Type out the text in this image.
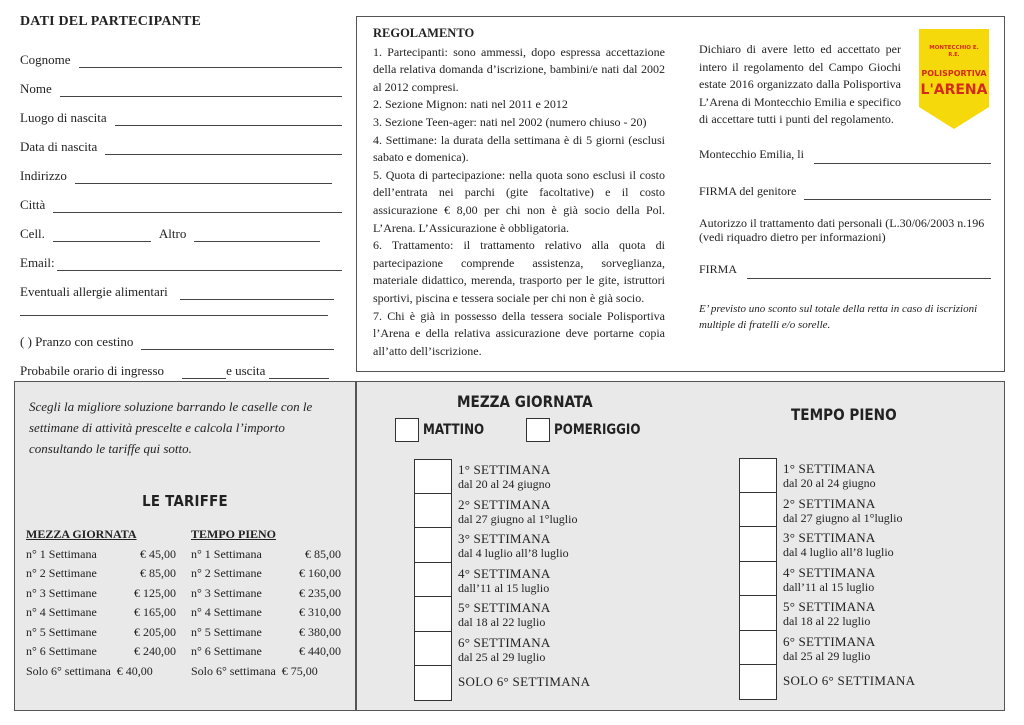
DATI DEL PARTECIPANTE
Cognome
Nome
Luogo di nascita
Data di nascita
Indirizzo
Città
Cell.	Altro
Email:
Eventuali allergie alimentari
( ) Pranzo con cestino
Probabile orario di ingresso	e uscita
REGOLAMENTO
1. Partecipanti: sono ammessi, dopo espressa accettazione della relativa domanda d’iscrizione, bambini/e nati dal 2002 al 2012 compresi.
2. Sezione Mignon: nati nel 2011 e 2012
3. Sezione Teen-ager: nati nel 2002 (numero chiuso - 20)
4. Settimane: la durata della settimana è di 5 giorni (esclusi sabato e domenica).
5. Quota di partecipazione: nella quota sono esclusi il costo dell’entrata nei parchi (gite facoltative) e il costo assicurazione € 8,00 per chi non è già socio della Pol. L’Arena. L’Assicurazione è obbligatoria.
6. Trattamento: il trattamento relativo alla quota di partecipazione comprende assistenza, sorveglianza, materiale didattico, merenda, trasporto per le gite, istruttori sportivi, piscina e tessera sociale per chi non è già socio.
7. Chi è già in possesso della tessera sociale Polisportiva l’Arena e della relativa assicurazione deve portarne copia all’atto dell’iscrizione.
Dichiaro di avere letto ed accettato per intero il regolamento del Campo Giochi estate 2016 organizzato dalla Polisportiva L’Arena di Montecchio Emilia e specifico di accettare tutti i punti del regolamento.
Montecchio Emilia, li
FIRMA del genitore
Autorizzo il trattamento dati personali (L.30/06/2003 n.196 (vedi riquadro dietro per informazioni)
FIRMA
E’ previsto uno sconto sul totale della retta in caso di iscrizioni multiple di fratelli e/o sorelle.
MONTECCHIO E.
R.E.
POLISPORTIVA
L'ARENA
Scegli la migliore soluzione barrando le caselle con le settimane di attività prescelte e calcola l’importo consultando le tariffe qui sotto.
LE TARIFFE
MEZZA GIORNATA
n° 1 Settimana	€ 45,00
n° 2 Settimane	€ 85,00
n° 3 Settimane	€ 125,00
n° 4 Settimane	€ 165,00
n° 5 Settimane	€ 205,00
n° 6 Settimane	€ 240,00
Solo 6° settimana € 40,00
TEMPO PIENO
n° 1 Settimana	€ 85,00
n° 2 Settimane	€ 160,00
n° 3 Settimane	€ 235,00
n° 4 Settimane	€ 310,00
n° 5 Settimane	€ 380,00
n° 6 Settimane	€ 440,00
Solo 6° settimana € 75,00
MEZZA GIORNATA
TEMPO PIENO
MATTINO	POMERIGGIO
1° SETTIMANA
dal 20 al 24 giugno
2° SETTIMANA
dal 27 giugno al 1°luglio
3° SETTIMANA
dal 4 luglio all’8 luglio
4° SETTIMANA
dall’11 al 15 luglio
5° SETTIMANA
dal 18 al 22 luglio
6° SETTIMANA
dal 25 al 29 luglio
SOLO 6° SETTIMANA
1° SETTIMANA
dal 20 al 24 giugno
2° SETTIMANA
dal 27 giugno al 1°luglio
3° SETTIMANA
dal 4 luglio all’8 luglio
4° SETTIMANA
dall’11 al 15 luglio
5° SETTIMANA
dal 18 al 22 luglio
6° SETTIMANA
dal 25 al 29 luglio
SOLO 6° SETTIMANA
